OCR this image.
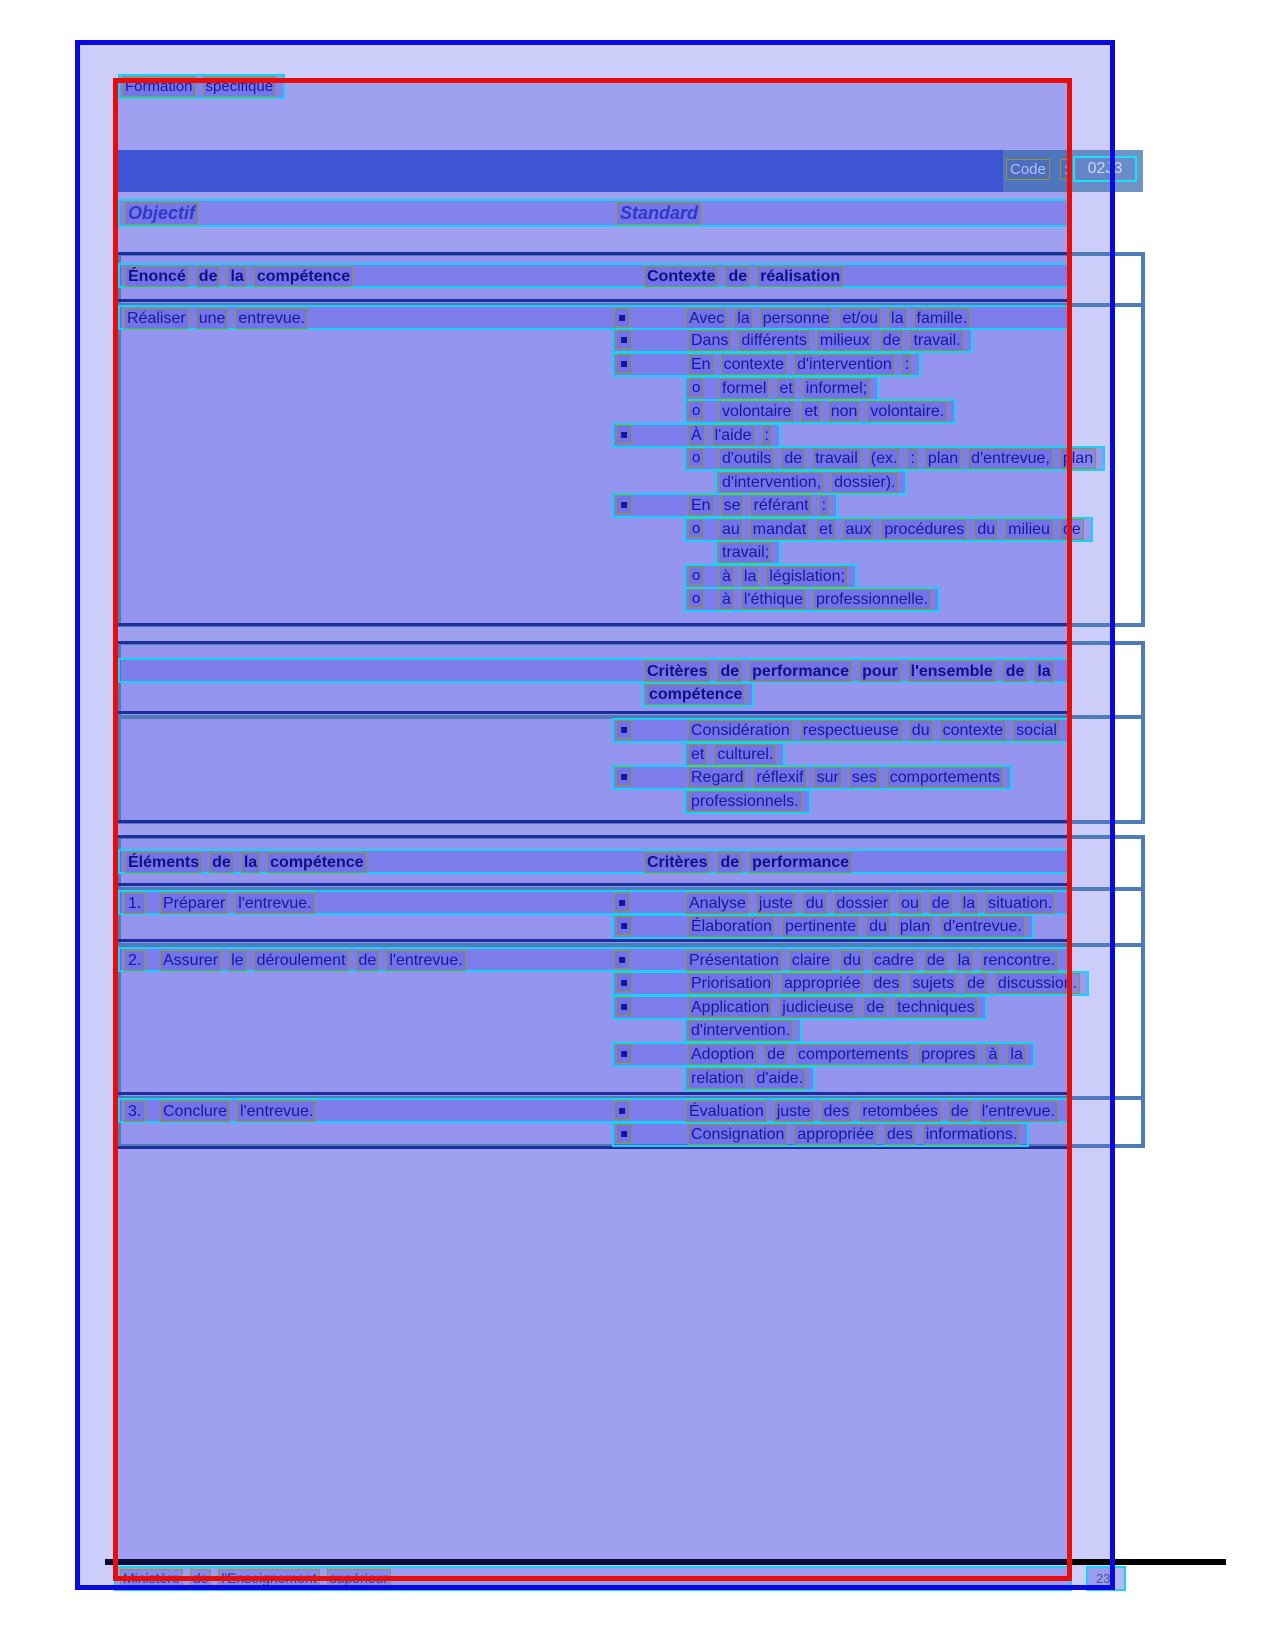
Code :	02J3
Formation spécifique
Objectif	Standard
Énoncé de la compétence	Contexte de réalisation
Réaliser une entrevue.	▪	Avec la personne et/ou la famille.
▪	Dans différents milieux de travail.
▪	En contexte d'intervention :
o formel et informel;
o volontaire et non volontaire.
▪	À l'aide :
o d'outils de travail (ex. : plan d'entrevue, plan
d'intervention, dossier).
▪	En se référant :
o au mandat et aux procédures du milieu de
travail;
o à la législation;
o à l'éthique professionnelle.
Critères de performance pour l'ensemble de la
compétence
▪	Considération respectueuse du contexte social
et culturel.
▪	Regard réflexif sur ses comportements
professionnels.
Éléments de la compétence	Critères de performance
1. Préparer l'entrevue.	▪	Analyse juste du dossier ou de la situation.
▪	Élaboration pertinente du plan d'entrevue.
2. Assurer le déroulement de l'entrevue.	▪	Présentation claire du cadre de la rencontre.
▪	Priorisation appropriée des sujets de discussion.
▪	Application judicieuse de techniques
d'intervention.
▪	Adoption de comportements propres à la
relation d'aide.
3. Conclure l'entrevue.	▪	Évaluation juste des retombées de l'entrevue.
▪	Consignation appropriée des informations.
Ministère de l'Enseignement supérieur	23
